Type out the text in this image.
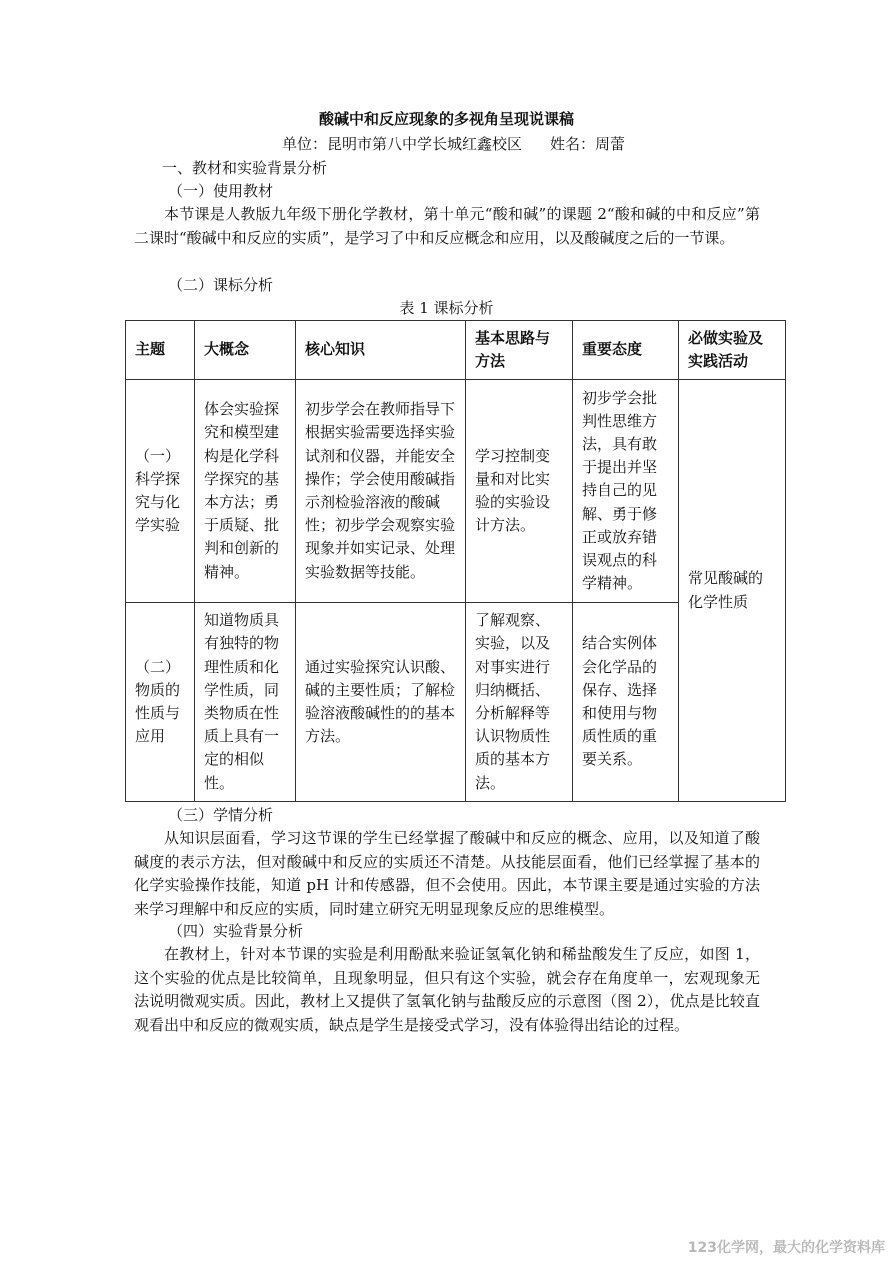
酸碱中和反应现象的多视角呈现说课稿
单位：昆明市第八中学长城红鑫校区 姓名：周蕾
一、教材和实验背景分析
（一）使用教材
本节课是人教版九年级下册化学教材，第十单元“酸和碱”的课题 2“酸和碱的中和反应”第二课时“酸碱中和反应的实质”，是学习了中和反应概念和应用，以及酸碱度之后的一节课。
（二）课标分析
表 1 课标分析
主题	大概念	核心知识	基本思路与方法	重要态度	必做实验及实践活动
（一）科学探究与化学实验	体会实验探究和模型建构是化学科学探究的基本方法；勇于质疑、批判和创新的精神。	初步学会在教师指导下根据实验需要选择实验试剂和仪器，并能安全操作；学会使用酸碱指示剂检验溶液的酸碱性；初步学会观察实验现象并如实记录、处理实验数据等技能。	学习控制变量和对比实验的实验设计方法。	初步学会批判性思维方法，具有敢于提出并坚持自己的见解、勇于修正或放弃错误观点的科学精神。	常见酸碱的化学性质
（二）物质的性质与应用	知道物质具有独特的物理性质和化学性质，同类物质在性质上具有一定的相似性。	通过实验探究认识酸、碱的主要性质；了解检验溶液酸碱性的的基本方法。	了解观察、实验，以及对事实进行归纳概括、分析解释等认识物质性质的基本方法。	结合实例体会化学品的保存、选择和使用与物质性质的重要关系。	
（三）学情分析
从知识层面看，学习这节课的学生已经掌握了酸碱中和反应的概念、应用，以及知道了酸碱度的表示方法，但对酸碱中和反应的实质还不清楚。从技能层面看，他们已经掌握了基本的化学实验操作技能，知道 pH 计和传感器，但不会使用。因此，本节课主要是通过实验的方法来学习理解中和反应的实质，同时建立研究无明显现象反应的思维模型。
（四）实验背景分析
在教材上，针对本节课的实验是利用酚酞来验证氢氧化钠和稀盐酸发生了反应，如图 1，这个实验的优点是比较简单，且现象明显，但只有这个实验，就会存在角度单一，宏观现象无法说明微观实质。因此，教材上又提供了氢氧化钠与盐酸反应的示意图（图 2），优点是比较直观看出中和反应的微观实质，缺点是学生是接受式学习，没有体验得出结论的过程。
123化学网，最大的化学资料库
